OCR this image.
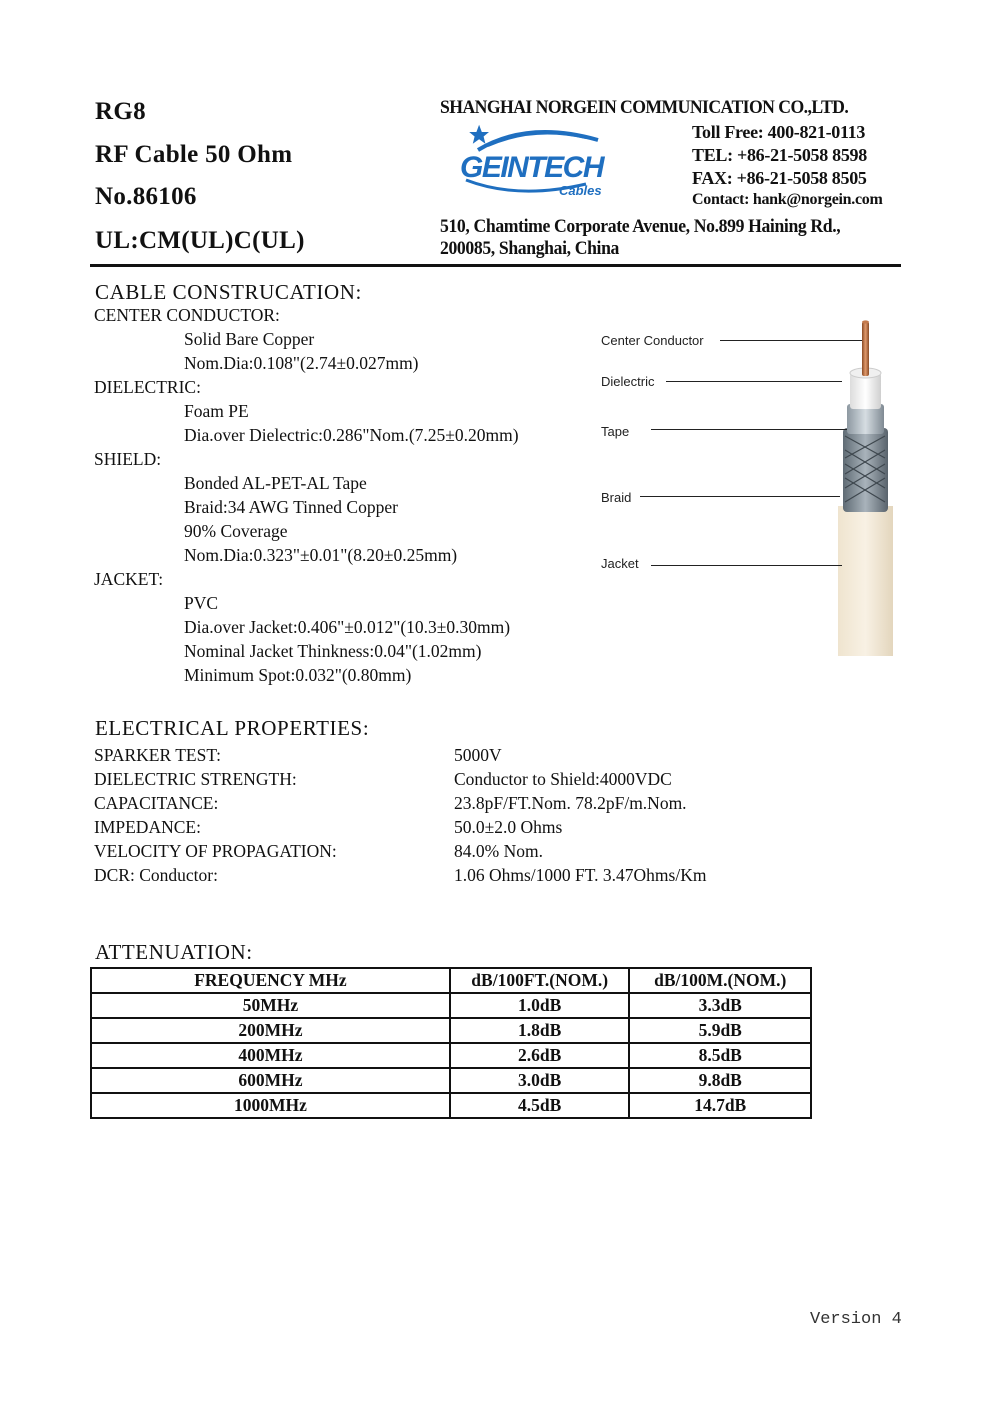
RG8
RF Cable 50 Ohm
No.86106
UL:CM(UL)C(UL)
SHANGHAI NORGEIN COMMUNICATION CO.,LTD.
GEINTECH
Cables
Toll Free: 400-821-0113
TEL: +86-21-5058 8598
FAX: +86-21-5058 8505
Contact: hank@norgein.com
510, Chamtime Corporate Avenue, No.899 Haining Rd.,
200085, Shanghai, China
CABLE CONSTRUCATION:
CENTER CONDUCTOR:
Solid Bare Copper
Nom.Dia:0.108"(2.74±0.027mm)
DIELECTRIC:
Foam PE
Dia.over Dielectric:0.286"Nom.(7.25±0.20mm)
SHIELD:
Bonded AL-PET-AL Tape
Braid:34 AWG Tinned Copper
90% Coverage
Nom.Dia:0.323"±0.01"(8.20±0.25mm)
JACKET:
PVC
Dia.over Jacket:0.406"±0.012"(10.3±0.30mm)
Nominal Jacket Thinkness:0.04"(1.02mm)
Minimum Spot:0.032"(0.80mm)
Center Conductor
Dielectric
Tape
Braid
Jacket
ELECTRICAL PROPERTIES:
SPARKER TEST:	5000V
DIELECTRIC STRENGTH:	Conductor to Shield:4000VDC
CAPACITANCE:	23.8pF/FT.Nom. 78.2pF/m.Nom.
IMPEDANCE:	50.0±2.0 Ohms
VELOCITY OF PROPAGATION:	84.0% Nom.
DCR: Conductor:	1.06 Ohms/1000 FT. 3.47Ohms/Km
ATTENUATION:
FREQUENCY MHz	dB/100FT.(NOM.)	dB/100M.(NOM.)
50MHz	1.0dB	3.3dB
200MHz	1.8dB	5.9dB
400MHz	2.6dB	8.5dB
600MHz	3.0dB	9.8dB
1000MHz	4.5dB	14.7dB
Version 4
